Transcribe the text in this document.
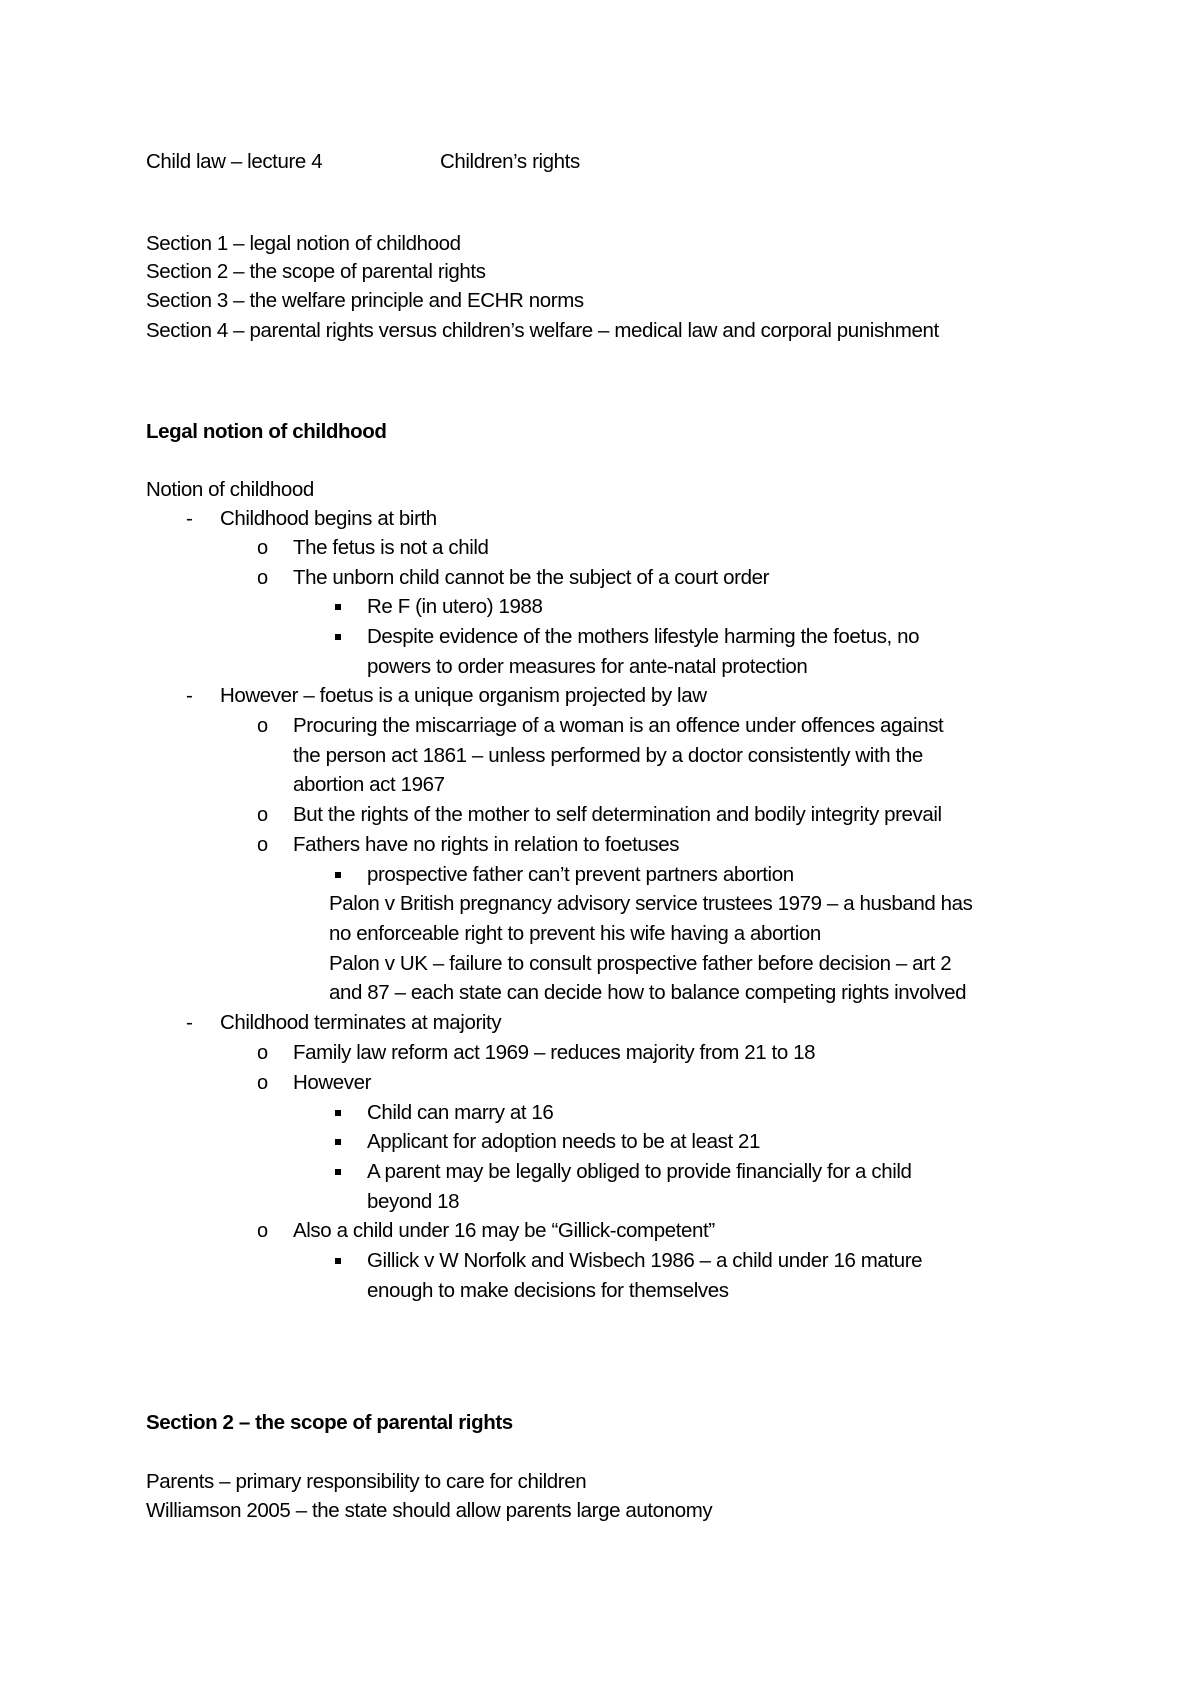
Child law – lecture 4	Children’s rights
Section 1 – legal notion of childhood
Section 2 – the scope of parental rights
Section 3 – the welfare principle and ECHR norms
Section 4 – parental rights versus children’s welfare – medical law and corporal punishment
Legal notion of childhood
Notion of childhood
- Childhood begins at birth
o The fetus is not a child
o The unborn child cannot be the subject of a court order
Re F (in utero) 1988
Despite evidence of the mothers lifestyle harming the foetus, no
powers to order measures for ante-natal protection
- However – foetus is a unique organism projected by law
o Procuring the miscarriage of a woman is an offence under offences against
the person act 1861 – unless performed by a doctor consistently with the
abortion act 1967
o But the rights of the mother to self determination and bodily integrity prevail
o Fathers have no rights in relation to foetuses
prospective father can’t prevent partners abortion
Palon v British pregnancy advisory service trustees 1979 – a husband has
no enforceable right to prevent his wife having a abortion
Palon v UK – failure to consult prospective father before decision – art 2
and 87 – each state can decide how to balance competing rights involved
- Childhood terminates at majority
o Family law reform act 1969 – reduces majority from 21 to 18
o However
Child can marry at 16
Applicant for adoption needs to be at least 21
A parent may be legally obliged to provide financially for a child
beyond 18
o Also a child under 16 may be “Gillick-competent”
Gillick v W Norfolk and Wisbech 1986 – a child under 16 mature
enough to make decisions for themselves
Section 2 – the scope of parental rights
Parents – primary responsibility to care for children
Williamson 2005 – the state should allow parents large autonomy
